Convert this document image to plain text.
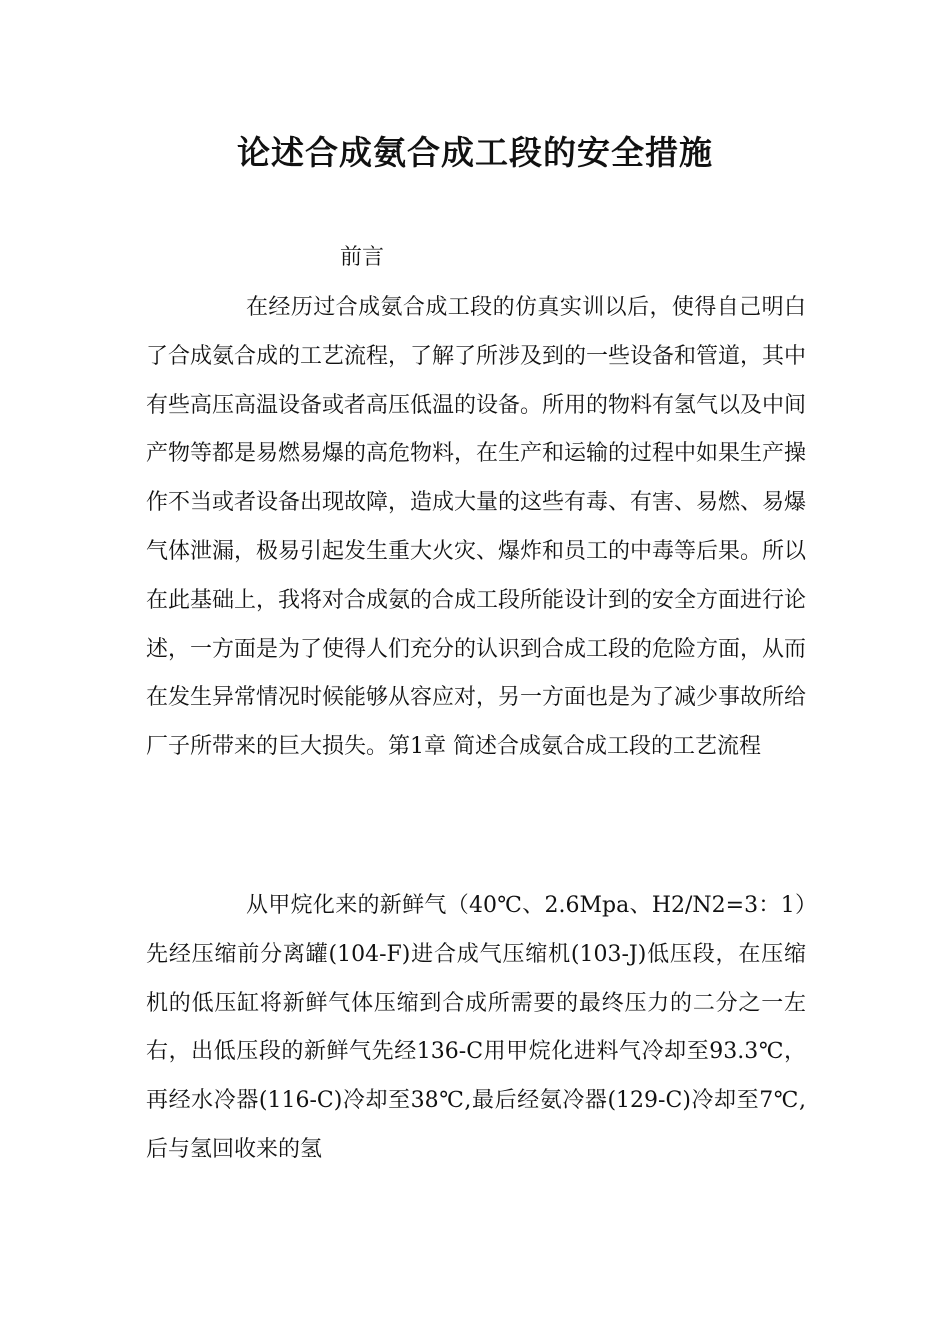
论述合成氨合成工段的安全措施

前言

在经历过合成氨合成工段的仿真实训以后，使得自己明白了合成氨合成的工艺流程，了解了所涉及到的一些设备和管道，其中有些高压高温设备或者高压低温的设备。所用的物料有氢气以及中间产物等都是易燃易爆的高危物料，在生产和运输的过程中如果生产操作不当或者设备出现故障，造成大量的这些有毒、有害、易燃、易爆气体泄漏，极易引起发生重大火灾、爆炸和员工的中毒等后果。所以在此基础上，我将对合成氨的合成工段所能设计到的安全方面进行论述，一方面是为了使得人们充分的认识到合成工段的危险方面，从而在发生异常情况时候能够从容应对，另一方面也是为了减少事故所给厂子所带来的巨大损失。第1章 简述合成氨合成工段的工艺流程

从甲烷化来的新鲜气（40℃、2.6Mpa、H2/N2=3：1）先经压缩前分离罐(104-F)进合成气压缩机(103-J)低压段，在压缩机的低压缸将新鲜气体压缩到合成所需要的最终压力的二分之一左右，出低压段的新鲜气先经136-C用甲烷化进料气冷却至93.3℃，再经水冷器(116-C)冷却至38℃,最后经氨冷器(129-C)冷却至7℃,后与氢回收来的氢
